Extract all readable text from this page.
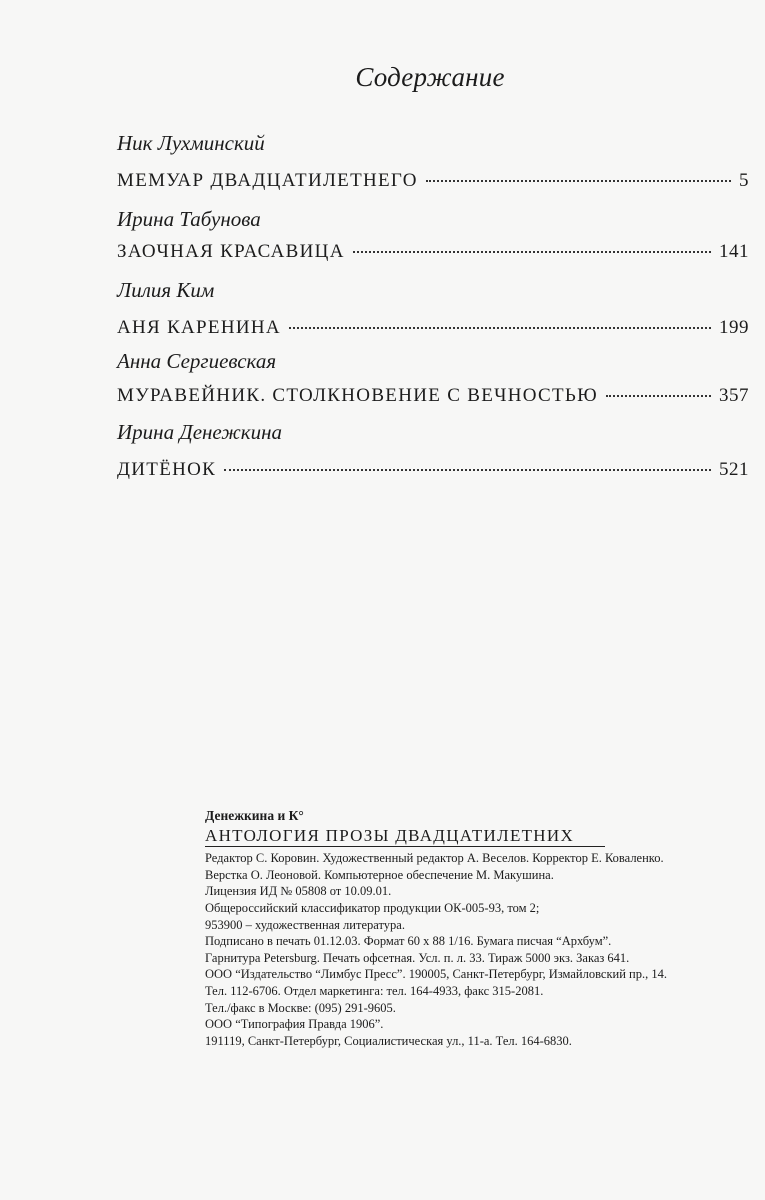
Содержание
Ник Лухминский
МЕМУАР ДВАДЦАТИЛЕТНЕГО	5
Ирина Табунова
ЗАОЧНАЯ КРАСАВИЦА	141
Лилия Ким
АНЯ КАРЕНИНА	199
Анна Сергиевская
МУРАВЕЙНИК. СТОЛКНОВЕНИЕ С ВЕЧНОСТЬЮ	357
Ирина Денежкина
ДИТЁНОК	521
Денежкина и К°
АНТОЛОГИЯ ПРОЗЫ ДВАДЦАТИЛЕТНИХ
Редактор С. Коровин. Художественный редактор А. Веселов. Корректор Е. Коваленко.
Верстка О. Леоновой. Компьютерное обеспечение М. Макушина.
Лицензия ИД № 05808 от 10.09.01.
Общероссийский классификатор продукции ОК-005-93, том 2;
953900 – художественная литература.
Подписано в печать 01.12.03. Формат 60 x 88 1/16. Бумага писчая “Архбум”.
Гарнитура Petersburg. Печать офсетная. Усл. п. л. 33. Тираж 5000 экз. Заказ 641.
ООО “Издательство “Лимбус Пресс”. 190005, Санкт-Петербург, Измайловский пр., 14.
Тел. 112-6706. Отдел маркетинга: тел. 164-4933, факс 315-2081.
Тел./факс в Москве: (095) 291-9605.
ООО “Типография Правда 1906”.
191119, Санкт-Петербург, Социалистическая ул., 11-а. Тел. 164-6830.
